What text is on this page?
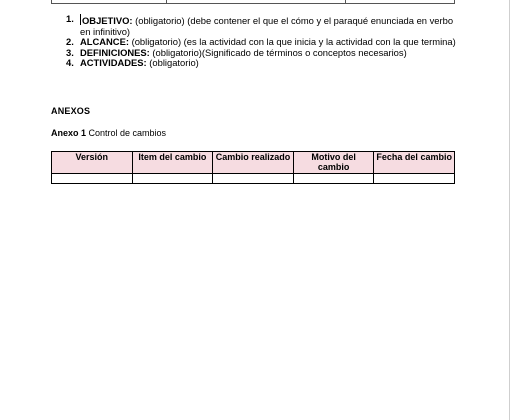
1. OBJETIVO: (obligatorio) (debe contener el que el cómo y el paraqué enunciada en verbo en infinitivo)
2. ALCANCE: (obligatorio) (es la actividad con la que inicia y la actividad con la que termina)
3. DEFINICIONES: (obligatorio)(Significado de términos o conceptos necesarios)
4. ACTIVIDADES: (obligatorio)
ANEXOS
Anexo 1 Control de cambios
Versión	Item del cambio	Cambio realizado	Motivo del cambio	Fecha del cambio
